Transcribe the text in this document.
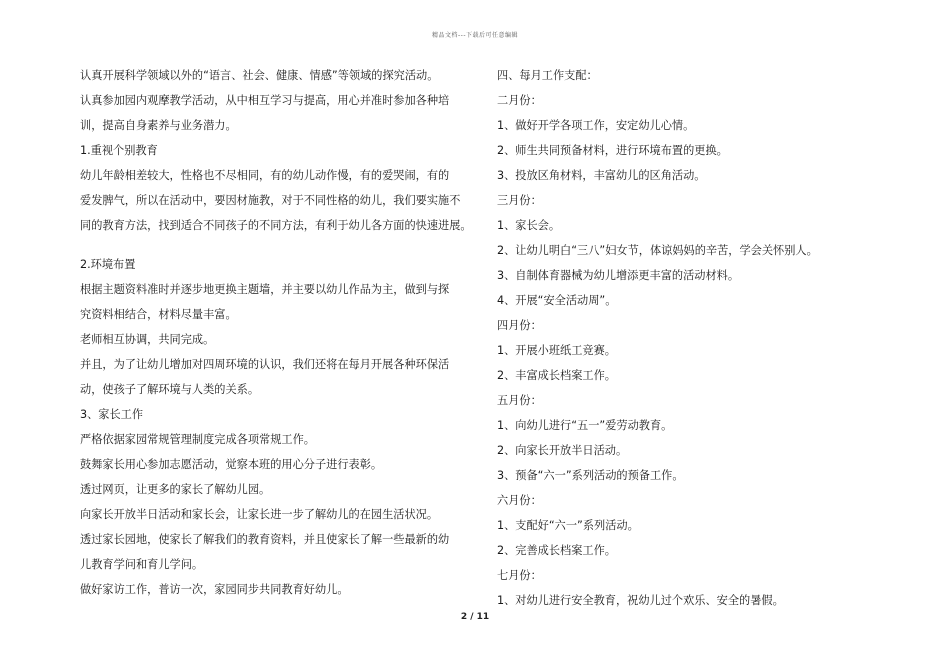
精品文档---下载后可任意编辑

认真开展科学领域以外的“语言、社会、健康、情感”等领域的探究活动。

认真参加园内观摩教学活动，从中相互学习与提高，用心并准时参加各种培

训，提高自身素养与业务潜力。

1.重视个别教育

幼儿年龄相差较大，性格也不尽相同，有的幼儿动作慢，有的爱哭闹，有的

爱发脾气，所以在活动中，要因材施教，对于不同性格的幼儿，我们要实施不

同的教育方法，找到适合不同孩子的不同方法，有利于幼儿各方面的快速进展。

2.环境布置

根据主题资料准时并逐步地更换主题墙，并主要以幼儿作品为主，做到与探

究资料相结合，材料尽量丰富。

老师相互协调，共同完成。

并且，为了让幼儿增加对四周环境的认识，我们还将在每月开展各种环保活

动，使孩子了解环境与人类的关系。

3、家长工作

严格依据家园常规管理制度完成各项常规工作。

鼓舞家长用心参加志愿活动，觉察本班的用心分子进行表彰。

透过网页，让更多的家长了解幼儿园。

向家长开放半日活动和家长会，让家长进一步了解幼儿的在园生活状况。

透过家长园地，使家长了解我们的教育资料，并且使家长了解一些最新的幼

儿教育学问和育儿学问。

做好家访工作，普访一次，家园同步共同教育好幼儿。

四、每月工作支配：

二月份：

1、做好开学各项工作，安定幼儿心情。

2、师生共同预备材料，进行环境布置的更换。

3、投放区角材料，丰富幼儿的区角活动。

三月份：

1、家长会。

2、让幼儿明白“三八”妇女节，体谅妈妈的辛苦，学会关怀别人。

3、自制体育器械为幼儿增添更丰富的活动材料。

4、开展“安全活动周”。

四月份：

1、开展小班纸工竞赛。

2、丰富成长档案工作。

五月份：

1、向幼儿进行“五一”爱劳动教育。

2、向家长开放半日活动。

3、预备“六一”系列活动的预备工作。

六月份：

1、支配好“六一”系列活动。

2、完善成长档案工作。

七月份：

1、对幼儿进行安全教育，祝幼儿过个欢乐、安全的暑假。

2 / 11
